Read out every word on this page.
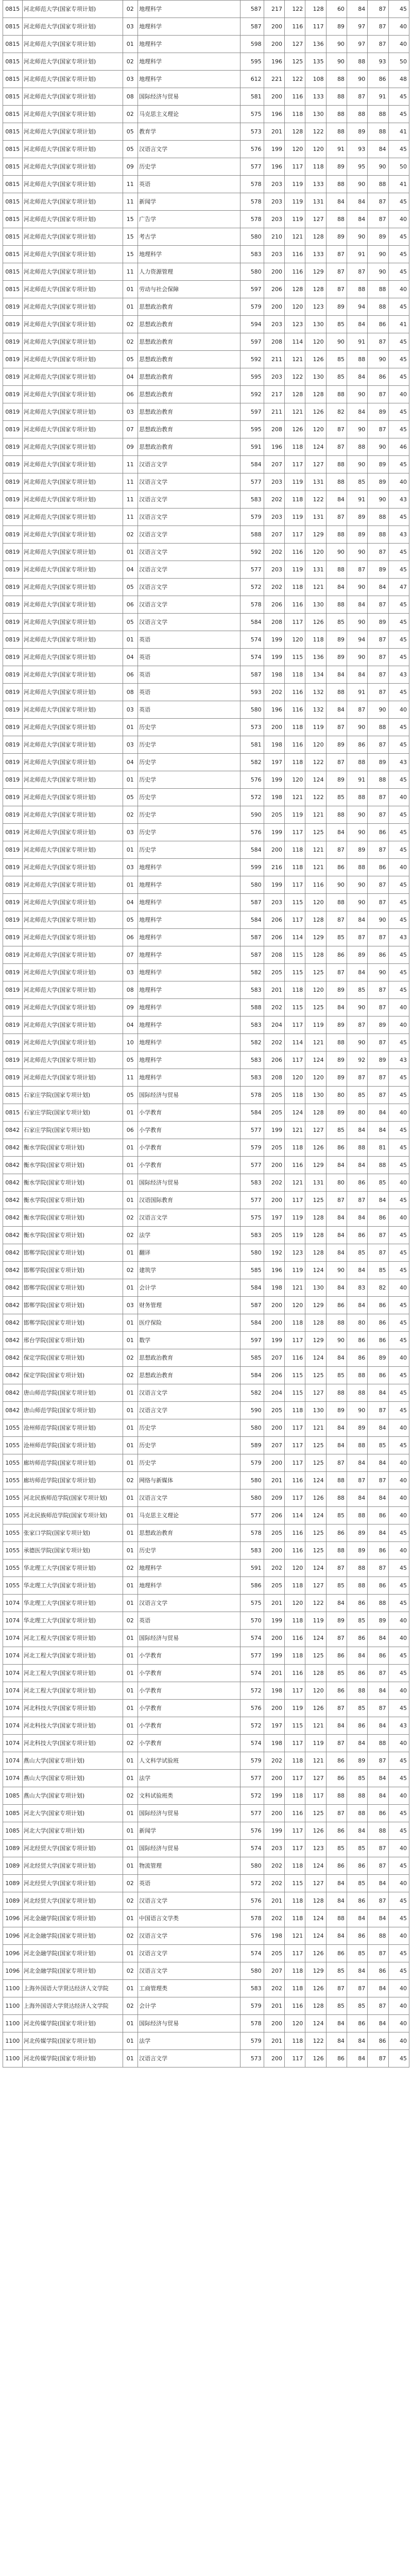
0815	河北师范大学(国家专项计划)	02	地理科学	587	217	122	128	60	84	87	45
0815	河北师范大学(国家专项计划)	03	地理科学	587	200	116	117	89	97	87	40
0815	河北师范大学(国家专项计划)	01	地理科学	598	200	127	136	90	97	87	40
0815	河北师范大学(国家专项计划)	02	地理科学	595	196	125	135	90	88	93	50
0815	河北师范大学(国家专项计划)	03	地理科学	612	221	122	108	88	90	86	48
0815	河北师范大学(国家专项计划)	08	国际经济与贸易	581	200	116	133	88	87	91	45
0815	河北师范大学(国家专项计划)	02	马克思主义理论	575	196	118	130	88	88	88	45
0815	河北师范大学(国家专项计划)	05	教育学	573	201	128	122	88	89	88	41
0815	河北师范大学(国家专项计划)	05	汉语言文学	576	199	120	120	91	93	84	45
0815	河北师范大学(国家专项计划)	09	历史学	577	196	117	118	89	95	90	50
0815	河北师范大学(国家专项计划)	11	英语	578	203	119	133	88	90	88	41
0815	河北师范大学(国家专项计划)	11	新闻学	578	203	119	131	84	84	87	45
0815	河北师范大学(国家专项计划)	15	广告学	578	203	119	127	88	84	87	40
0815	河北师范大学(国家专项计划)	15	考古学	580	210	121	128	89	90	89	45
0815	河北师范大学(国家专项计划)	15	地理科学	583	203	116	133	87	91	90	45
0815	河北师范大学(国家专项计划)	11	人力资源管理	580	200	116	129	87	87	90	45
0815	河北师范大学(国家专项计划)	01	劳动与社会保障	597	206	128	128	87	88	88	40
0819	河北师范大学(国家专项计划)	01	思想政治教育	579	200	120	123	89	94	88	45
0819	河北师范大学(国家专项计划)	02	思想政治教育	594	203	123	130	85	84	86	41
0819	河北师范大学(国家专项计划)	02	思想政治教育	597	208	114	120	90	91	87	45
0819	河北师范大学(国家专项计划)	05	思想政治教育	592	211	121	126	85	88	90	45
0819	河北师范大学(国家专项计划)	04	思想政治教育	595	203	122	130	85	84	86	45
0819	河北师范大学(国家专项计划)	06	思想政治教育	592	217	128	128	88	90	87	40
0819	河北师范大学(国家专项计划)	03	思想政治教育	597	211	121	126	82	84	89	45
0819	河北师范大学(国家专项计划)	07	思想政治教育	595	208	126	120	87	90	87	45
0819	河北师范大学(国家专项计划)	09	思想政治教育	591	196	118	124	87	88	90	46
0819	河北师范大学(国家专项计划)	11	汉语言文学	584	207	117	127	88	90	89	45
0819	河北师范大学(国家专项计划)	11	汉语言文学	577	203	119	131	88	85	89	40
0819	河北师范大学(国家专项计划)	11	汉语言文学	583	202	118	122	84	91	90	43
0819	河北师范大学(国家专项计划)	11	汉语言文学	579	203	119	131	87	89	88	45
0819	河北师范大学(国家专项计划)	02	汉语言文学	588	207	117	129	88	89	88	43
0819	河北师范大学(国家专项计划)	01	汉语言文学	592	202	116	120	90	90	87	45
0819	河北师范大学(国家专项计划)	04	汉语言文学	577	203	119	131	88	87	89	45
0819	河北师范大学(国家专项计划)	05	汉语言文学	572	202	118	121	84	90	84	47
0819	河北师范大学(国家专项计划)	06	汉语言文学	578	206	116	130	88	84	87	45
0819	河北师范大学(国家专项计划)	05	汉语言文学	584	208	117	126	85	90	89	45
0819	河北师范大学(国家专项计划)	01	英语	574	199	120	118	89	94	87	45
0819	河北师范大学(国家专项计划)	04	英语	574	199	115	136	89	90	87	45
0819	河北师范大学(国家专项计划)	06	英语	587	198	118	134	84	84	87	43
0819	河北师范大学(国家专项计划)	08	英语	593	202	116	132	88	91	87	45
0819	河北师范大学(国家专项计划)	03	英语	580	196	116	132	84	87	90	40
0819	河北师范大学(国家专项计划)	01	历史学	573	200	118	119	87	90	88	45
0819	河北师范大学(国家专项计划)	03	历史学	581	198	116	120	89	86	87	45
0819	河北师范大学(国家专项计划)	04	历史学	582	197	118	122	87	88	89	43
0819	河北师范大学(国家专项计划)	01	历史学	576	199	120	124	89	91	88	45
0819	河北师范大学(国家专项计划)	05	历史学	572	198	121	122	85	88	87	40
0819	河北师范大学(国家专项计划)	02	历史学	590	205	119	121	88	90	87	45
0819	河北师范大学(国家专项计划)	03	历史学	576	199	117	125	84	90	86	45
0819	河北师范大学(国家专项计划)	01	历史学	584	200	118	121	87	89	87	45
0819	河北师范大学(国家专项计划)	03	地理科学	599	216	118	121	86	88	86	40
0819	河北师范大学(国家专项计划)	01	地理科学	580	199	117	116	90	90	87	45
0819	河北师范大学(国家专项计划)	04	地理科学	587	203	115	120	88	90	87	45
0819	河北师范大学(国家专项计划)	05	地理科学	584	206	117	128	87	84	90	45
0819	河北师范大学(国家专项计划)	06	地理科学	587	206	114	129	85	87	87	43
0819	河北师范大学(国家专项计划)	07	地理科学	587	208	115	128	86	89	86	45
0819	河北师范大学(国家专项计划)	03	地理科学	582	205	115	125	87	84	90	45
0819	河北师范大学(国家专项计划)	08	地理科学	583	201	118	120	89	85	87	45
0819	河北师范大学(国家专项计划)	09	地理科学	588	202	115	125	84	90	87	40
0819	河北师范大学(国家专项计划)	04	地理科学	583	204	117	119	89	87	89	40
0819	河北师范大学(国家专项计划)	10	地理科学	582	202	114	121	88	90	87	45
0819	河北师范大学(国家专项计划)	05	地理科学	583	206	117	124	89	92	89	43
0819	河北师范大学(国家专项计划)	11	地理科学	583	208	120	120	89	87	87	45
0815	石家庄学院(国家专项计划)	05	国际经济与贸易	578	205	118	130	80	85	87	45
0815	石家庄学院(国家专项计划)	01	小学教育	584	205	124	128	89	80	84	40
0842	石家庄学院(国家专项计划)	06	小学教育	577	199	121	127	85	84	84	45
0842	衡水学院(国家专项计划)	01	小学教育	579	205	118	126	86	88	81	45
0842	衡水学院(国家专项计划)	01	小学教育	577	200	116	129	84	84	88	45
0842	衡水学院(国家专项计划)	01	国际经济与贸易	583	202	121	131	80	86	85	40
0842	衡水学院(国家专项计划)	01	汉语国际教育	577	200	117	125	87	87	84	45
0842	衡水学院(国家专项计划)	02	汉语言文学	575	197	119	128	84	84	86	40
0842	衡水学院(国家专项计划)	02	法学	583	205	119	128	84	86	87	45
0842	邯郸学院(国家专项计划)	01	翻译	580	192	123	128	84	85	87	45
0842	邯郸学院(国家专项计划)	02	建筑学	585	196	119	124	90	84	85	45
0842	邯郸学院(国家专项计划)	01	会计学	584	198	121	130	84	83	82	40
0842	邯郸学院(国家专项计划)	03	财务管理	587	200	120	129	86	84	86	45
0842	邯郸学院(国家专项计划)	01	医疗保险	584	200	118	128	88	80	86	45
0842	邢台学院(国家专项计划)	01	数学	597	199	117	129	90	86	86	45
0842	保定学院(国家专项计划)	02	思想政治教育	585	207	116	124	84	86	89	40
0842	保定学院(国家专项计划)	02	思想政治教育	584	206	115	125	85	88	86	45
0842	唐山师范学院(国家专项计划)	01	汉语言文学	582	204	115	127	88	88	84	45
0842	唐山师范学院(国家专项计划)	01	汉语言文学	590	205	118	130	89	90	87	45
1055	沧州师范学院(国家专项计划)	01	历史学	580	200	117	121	84	89	84	40
1055	沧州师范学院(国家专项计划)	01	历史学	589	207	117	125	84	88	85	45
1055	廊坊师范学院(国家专项计划)	01	历史学	579	200	117	125	87	84	84	40
1055	廊坊师范学院(国家专项计划)	02	网络与新媒体	580	201	116	124	88	87	87	40
1055	河北民族师范学院(国家专项计划)	01	汉语言文学	580	209	117	126	88	84	84	40
1055	河北民族师范学院(国家专项计划)	01	马克思主义理论	577	206	114	124	85	88	86	40
1055	张家口学院(国家专项计划)	01	思想政治教育	578	205	116	125	86	89	84	45
1055	承德医学院(国家专项计划)	01	历史学	583	200	116	125	88	89	86	40
1055	华北理工大学(国家专项计划)	02	地理科学	591	202	120	124	87	88	87	45
1055	华北理工大学(国家专项计划)	01	地理科学	586	205	118	127	85	88	86	45
1074	华北理工大学(国家专项计划)	01	汉语言文学	575	201	120	122	84	86	88	45
1074	华北理工大学(国家专项计划)	02	英语	570	199	118	119	89	85	89	40
1074	河北工程大学(国家专项计划)	01	国际经济与贸易	574	200	116	124	87	86	84	40
1074	河北工程大学(国家专项计划)	01	小学教育	577	199	118	125	86	84	86	45
1074	河北工程大学(国家专项计划)	01	小学教育	574	201	116	128	85	86	87	45
1074	河北工程大学(国家专项计划)	01	小学教育	572	198	117	120	86	88	84	40
1074	河北科技大学(国家专项计划)	01	小学教育	576	200	119	126	87	85	87	45
1074	河北科技大学(国家专项计划)	01	小学教育	572	197	115	121	84	86	84	43
1074	河北科技大学(国家专项计划)	02	小学教育	574	198	117	119	87	84	88	40
1074	燕山大学(国家专项计划)	01	人文科学试验班	579	202	118	121	86	89	87	45
1074	燕山大学(国家专项计划)	01	法学	577	200	117	127	86	85	84	45
1085	燕山大学(国家专项计划)	02	文科试验班类	572	199	118	117	88	88	84	40
1085	河北大学(国家专项计划)	01	国际经济与贸易	577	200	116	125	87	88	86	45
1085	河北大学(国家专项计划)	01	新闻学	576	199	117	126	86	84	88	45
1089	河北经贸大学(国家专项计划)	01	国际经济与贸易	574	203	117	123	85	85	87	40
1089	河北经贸大学(国家专项计划)	01	物流管理	580	202	118	124	86	86	87	45
1089	河北经贸大学(国家专项计划)	02	英语	572	202	115	127	84	85	84	40
1089	河北经贸大学(国家专项计划)	02	汉语言文学	576	201	118	128	84	86	87	45
1096	河北金融学院(国家专项计划)	01	中国语言文学类	578	202	118	124	88	84	84	45
1096	河北金融学院(国家专项计划)	02	汉语言文学	576	198	121	124	84	86	88	40
1096	河北金融学院(国家专项计划)	01	汉语言文学	574	205	117	126	86	85	87	45
1096	河北金融学院(国家专项计划)	02	汉语言文学	580	207	118	129	85	84	86	45
1100	上海外国语大学贤达经济人文学院	01	工商管理类	583	202	118	126	87	87	84	40
1100	上海外国语大学贤达经济人文学院	02	会计学	579	201	116	128	85	85	87	40
1100	河北传媒学院(国家专项计划)	01	国际经济与贸易	578	200	120	124	84	86	84	40
1100	河北传媒学院(国家专项计划)	01	法学	579	201	118	122	84	84	86	40
1100	河北传媒学院(国家专项计划)	01	汉语言文学	573	200	117	126	86	84	87	45
